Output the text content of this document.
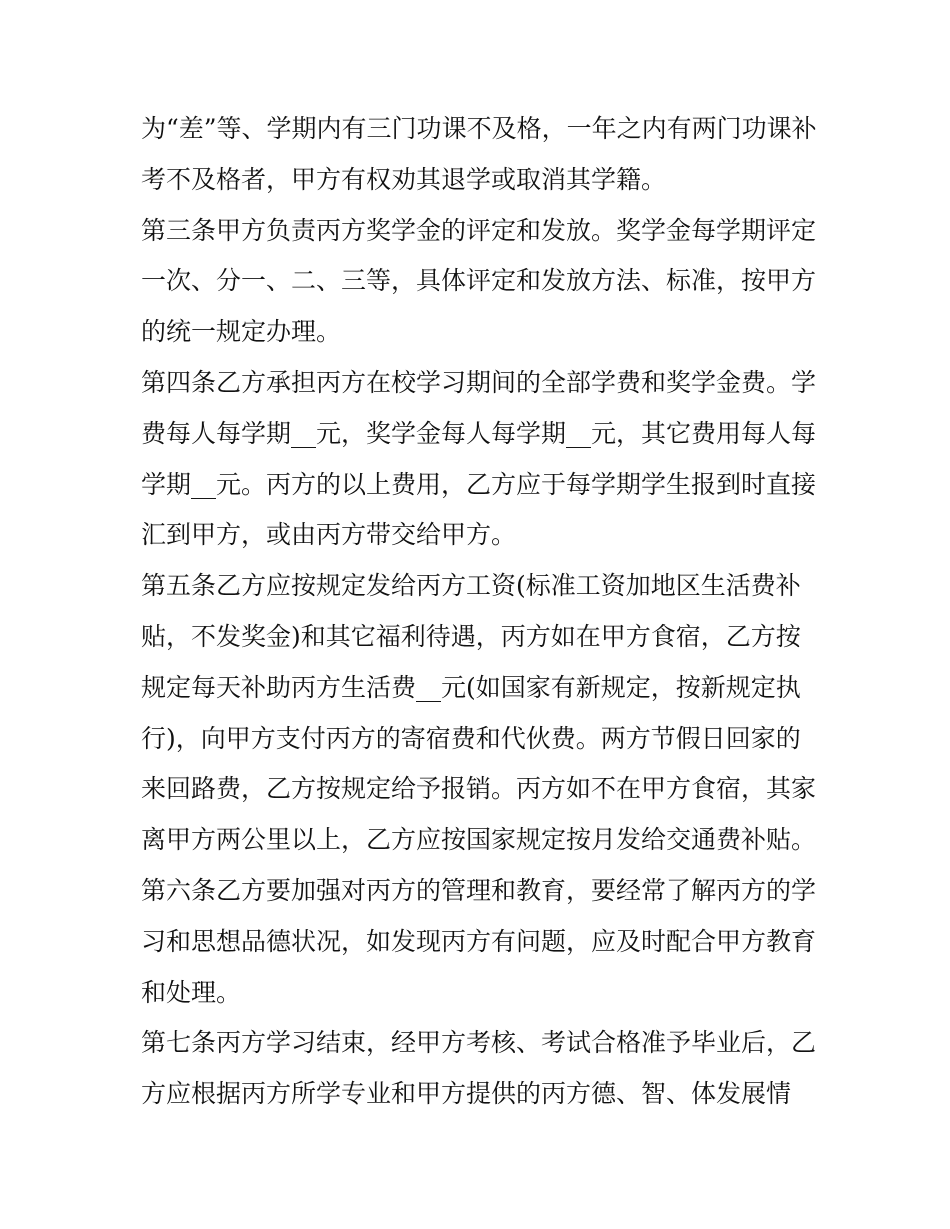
为“差”等、学期内有三门功课不及格，一年之内有两门功课补
考不及格者，甲方有权劝其退学或取消其学籍。
第三条甲方负责丙方奖学金的评定和发放。奖学金每学期评定
一次、分一、二、三等，具体评定和发放方法、标准，按甲方
的统一规定办理。
第四条乙方承担丙方在校学习期间的全部学费和奖学金费。学
费每人每学期__元，奖学金每人每学期__元，其它费用每人每
学期__元。丙方的以上费用，乙方应于每学期学生报到时直接
汇到甲方，或由丙方带交给甲方。
第五条乙方应按规定发给丙方工资(标准工资加地区生活费补
贴，不发奖金)和其它福利待遇，丙方如在甲方食宿，乙方按
规定每天补助丙方生活费__元(如国家有新规定，按新规定执
行)，向甲方支付丙方的寄宿费和代伙费。两方节假日回家的
来回路费，乙方按规定给予报销。丙方如不在甲方食宿，其家
离甲方两公里以上，乙方应按国家规定按月发给交通费补贴。
第六条乙方要加强对丙方的管理和教育，要经常了解丙方的学
习和思想品德状况，如发现丙方有问题，应及时配合甲方教育
和处理。
第七条丙方学习结束，经甲方考核、考试合格准予毕业后，乙
方应根据丙方所学专业和甲方提供的丙方德、智、体发展情
